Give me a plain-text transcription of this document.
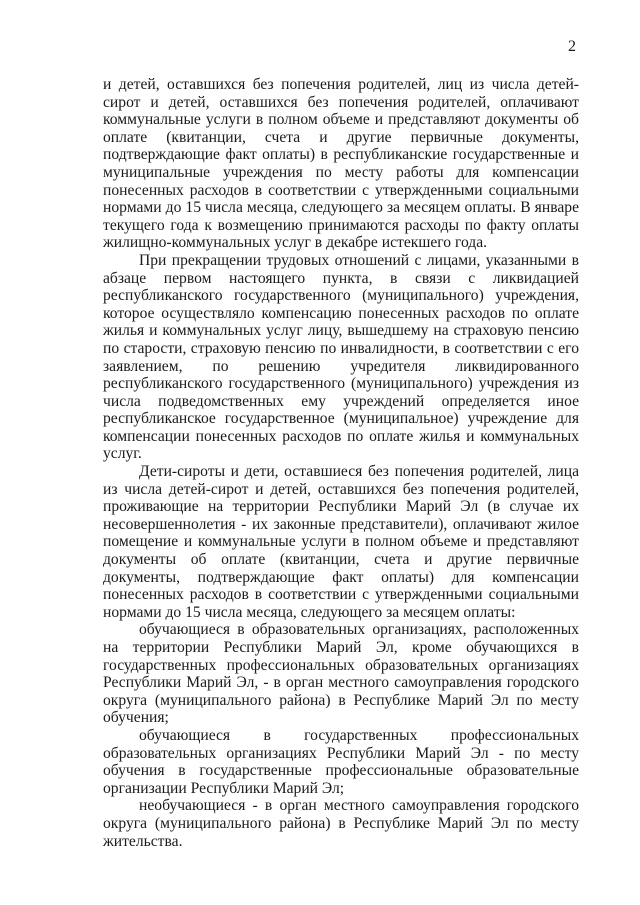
2

и детей, оставшихся без попечения родителей, лиц из числа детей-сирот и детей, оставшихся без попечения родителей, оплачивают коммунальные услуги в полном объеме и представляют документы об оплате (квитанции, счета и другие первичные документы, подтверждающие факт оплаты) в республиканские государственные и муниципальные учреждения по месту работы для компенсации понесенных расходов в соответствии с утвержденными социальными нормами до 15 числа месяца, следующего за месяцем оплаты. В январе текущего года к возмещению принимаются расходы по факту оплаты жилищно-коммунальных услуг в декабре истекшего года.

При прекращении трудовых отношений с лицами, указанными в абзаце первом настоящего пункта, в связи с ликвидацией республиканского государственного (муниципального) учреждения, которое осуществляло компенсацию понесенных расходов по оплате жилья и коммунальных услуг лицу, вышедшему на страховую пенсию по старости, страховую пенсию по инвалидности, в соответствии с его заявлением, по решению учредителя ликвидированного республиканского государственного (муниципального) учреждения из числа подведомственных ему учреждений определяется иное республиканское государственное (муниципальное) учреждение для компенсации понесенных расходов по оплате жилья и коммунальных услуг.

Дети-сироты и дети, оставшиеся без попечения родителей, лица из числа детей-сирот и детей, оставшихся без попечения родителей, проживающие на территории Республики Марий Эл (в случае их несовершеннолетия - их законные представители), оплачивают жилое помещение и коммунальные услуги в полном объеме и представляют документы об оплате (квитанции, счета и другие первичные документы, подтверждающие факт оплаты) для компенсации понесенных расходов в соответствии с утвержденными социальными нормами до 15 числа месяца, следующего за месяцем оплаты:

обучающиеся в образовательных организациях, расположенных на территории Республики Марий Эл, кроме обучающихся в государственных профессиональных образовательных организациях Республики Марий Эл, - в орган местного самоуправления городского округа (муниципального района) в Республике Марий Эл по месту обучения;

обучающиеся в государственных профессиональных образовательных организациях Республики Марий Эл - по месту обучения в государственные профессиональные образовательные организации Республики Марий Эл;

необучающиеся - в орган местного самоуправления городского округа (муниципального района) в Республике Марий Эл по месту жительства.
